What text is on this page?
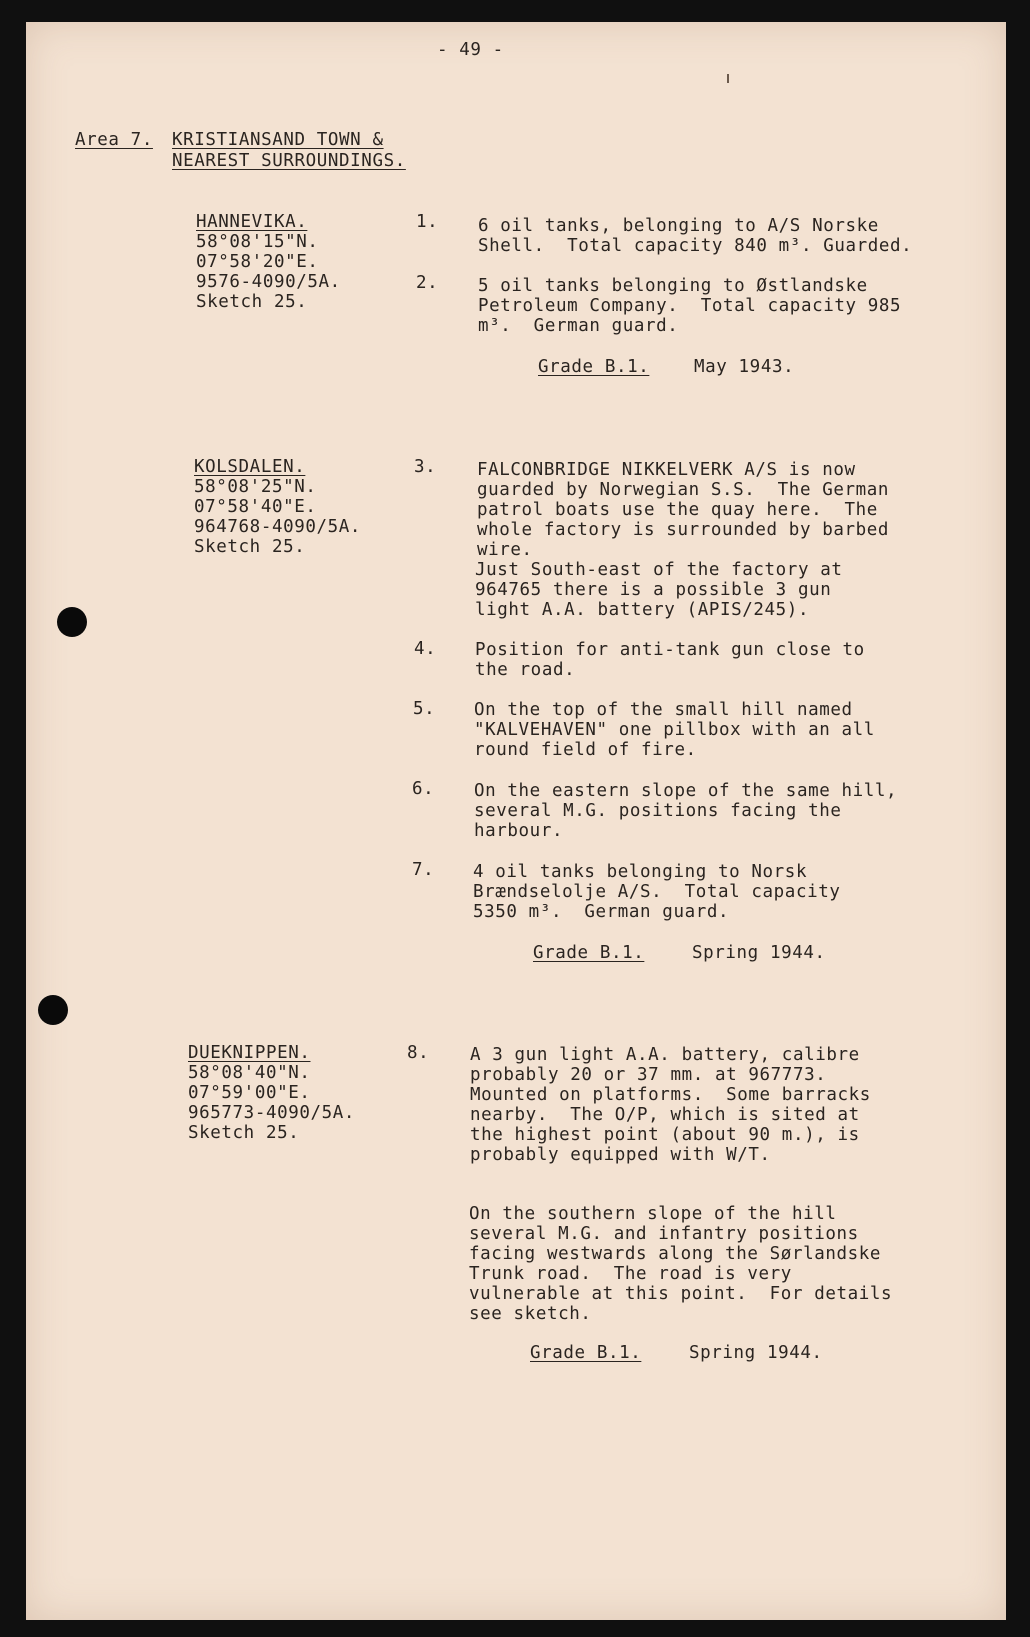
- 49 -
Area 7. KRISTIANSAND TOWN &
NEAREST SURROUNDINGS.
HANNEVIKA.
58°08'15"N.
07°58'20"E.
9576-4090/5A.
Sketch 25.
1. 6 oil tanks, belonging to A/S Norske
Shell.  Total capacity 840 m³. Guarded.
2. 5 oil tanks belonging to Østlandske
Petroleum Company.  Total capacity 985
m³.  German guard.
Grade B.1.	May 1943.
KOLSDALEN.
58°08'25"N.
07°58'40"E.
964768-4090/5A.
Sketch 25.
3. FALCONBRIDGE NIKKELVERK A/S is now
guarded by Norwegian S.S.  The German
patrol boats use the quay here.  The
whole factory is surrounded by barbed
wire.
Just South-east of the factory at
964765 there is a possible 3 gun
light A.A. battery (APIS/245).
4. Position for anti-tank gun close to
the road.
5. On the top of the small hill named
"KALVEHAVEN" one pillbox with an all
round field of fire.
6. On the eastern slope of the same hill,
several M.G. positions facing the
harbour.
7. 4 oil tanks belonging to Norsk
Brændselolje A/S.  Total capacity
5350 m³.  German guard.
Grade B.1.	Spring 1944.
DUEKNIPPEN.
58°08'40"N.
07°59'00"E.
965773-4090/5A.
Sketch 25.
8. A 3 gun light A.A. battery, calibre
probably 20 or 37 mm. at 967773.
Mounted on platforms.  Some barracks
nearby.  The O/P, which is sited at
the highest point (about 90 m.), is
probably equipped with W/T.
On the southern slope of the hill
several M.G. and infantry positions
facing westwards along the Sørlandske
Trunk road.  The road is very
vulnerable at this point.  For details
see sketch.
Grade B.1.	Spring 1944.
